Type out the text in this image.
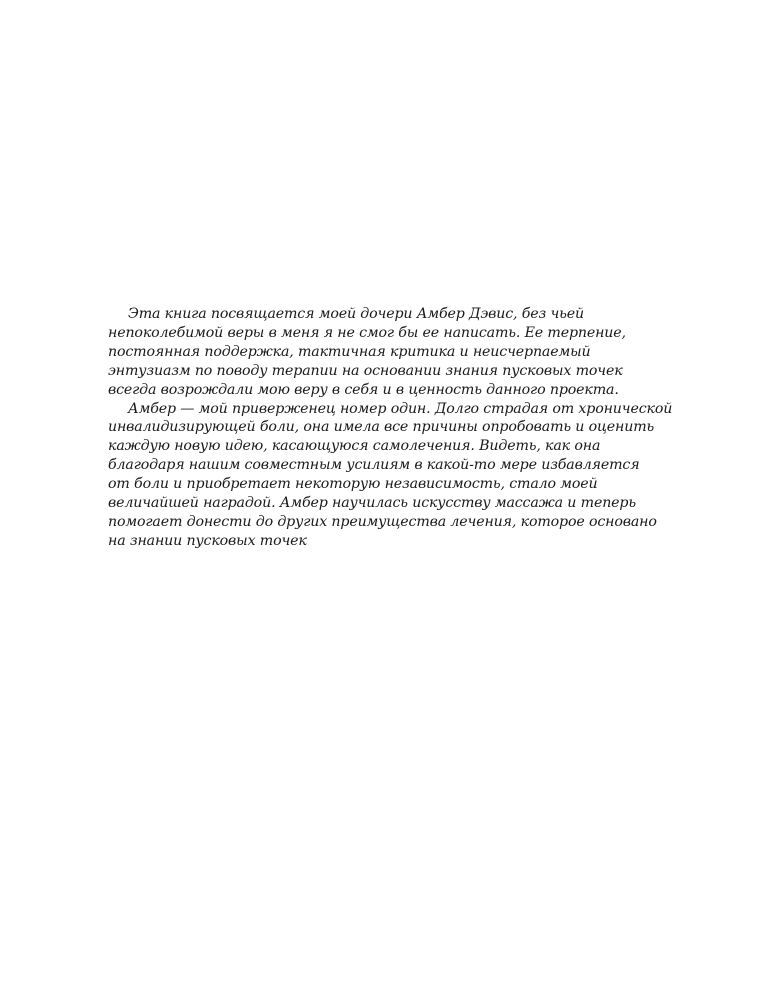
Эта книга посвящается моей дочери Амбер Дэвис, без чьей
непоколебимой веры в меня я не смог бы ее написать. Ее терпение,
постоянная поддержка, тактичная критика и неисчерпаемый
энтузиазм по поводу терапии на основании знания пусковых точек
всегда возрождали мою веру в себя и в ценность данного проекта.
Амбер — мой приверженец номер один. Долго страдая от хронической
инвалидизирующей боли, она имела все причины опробовать и оценить
каждую новую идею, касающуюся самолечения. Видеть, как она
благодаря нашим совместным усилиям в какой-то мере избавляется
от боли и приобретает некоторую независимость, стало моей
величайшей наградой. Амбер научилась искусству массажа и теперь
помогает донести до других преимущества лечения, которое основано
на знании пусковых точек
